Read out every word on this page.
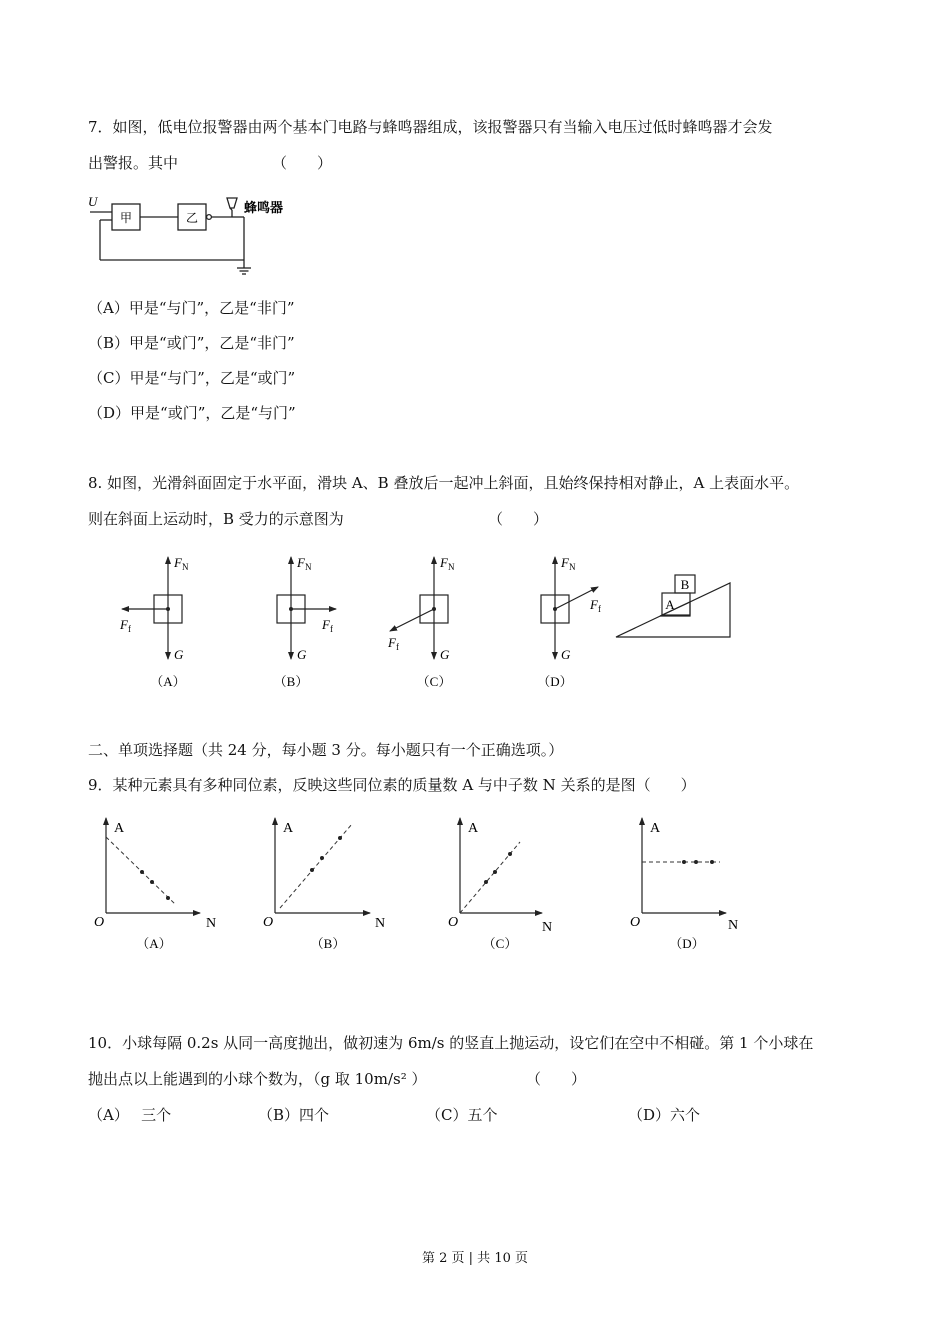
7．如图，低电位报警器由两个基本门电路与蜂鸣器组成，该报警器只有当输入电压过低时蜂鸣器才会发
出警报。其中	（　　）
U
甲	乙
蜂鸣器
（A）甲是“与门”，乙是“非门”
（B）甲是“或门”，乙是“非门”
（C）甲是“与门”，乙是“或门”
（D）甲是“或门”，乙是“与门”
8. 如图，光滑斜面固定于水平面，滑块 A、B 叠放后一起冲上斜面，且始终保持相对静止，A 上表面水平。
则在斜面上运动时，B 受力的示意图为	（　　）
$F_N$
$F_f$
G
（A）
$F_N$
$F_f$
G
（B）
$F_N$
$F_f$	G
（C）
$F_N$
$F_f$
G
（D）
B
A
二、单项选择题（共 24 分，每小题 3 分。每小题只有一个正确选项。）
9．某种元素具有多种同位素，反映这些同位素的质量数 A 与中子数 N 关系的是图（　　）
A
N
O
（A）
A
N
O
（B）
A
N
O
（C）
A
N
O
（D）
10．小球每隔 0.2s 从同一高度抛出，做初速为 6m/s 的竖直上抛运动，设它们在空中不相碰。第 1 个小球在
抛出点以上能遇到的小球个数为，（g 取 10m/s² ）	（　　）
（A）　 三个	（B）四个	（C）五个	（D）六个
第 2 页 | 共 10 页
